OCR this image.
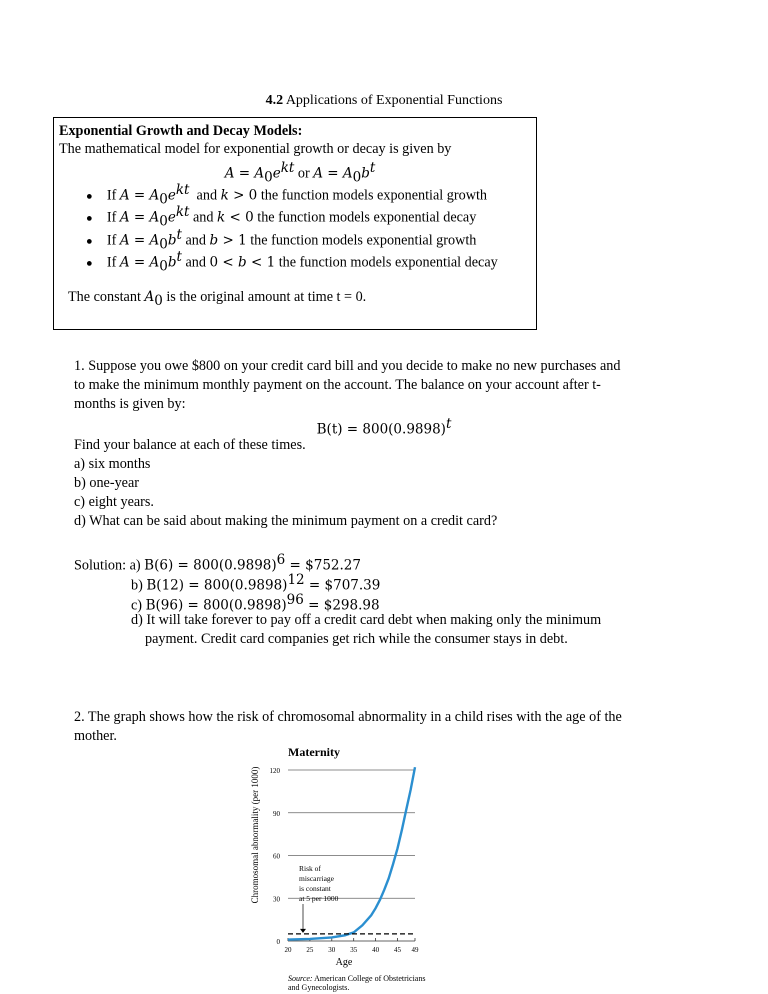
4.2 Applications of Exponential Functions
Exponential Growth and Decay Models:
The mathematical model for exponential growth or decay is given by
$A = A_0e^{kt}$ or $A = A_0b^t$
● If $A = A_0e^{kt}$ and k > 0 the function models exponential growth
● If $A = A_0e^{kt}$ and k < 0 the function models exponential decay
● If $A = A_0b^t$ and b > 1 the function models exponential growth
● If $A = A_0b^t$ and 0 < b < 1 the function models exponential decay
The constant $A_0$ is the original amount at time t = 0.
1. Suppose you owe $800 on your credit card bill and you decide to make no new purchases and
to make the minimum monthly payment on the account. The balance on your account after t-
months is given by:
$B(t) = 800(0.9898)^t$
Find your balance at each of these times.
a) six months
b) one-year
c) eight years.
d) What can be said about making the minimum payment on a credit card?
Solution: a) $B(6) = 800(0.9898)^6$ = $752.27
b) $B(12) = 800(0.9898)^{12}$ = $707.39
c) $B(96) = 800(0.9898)^{96}$ = $298.98
d) It will take forever to pay off a credit card debt when making only the minimum
payment. Credit card companies get rich while the consumer stays in debt.
2. The graph shows how the risk of chromosomal abnormality in a child rises with the age of the
mother.
Maternity
Chromosomal abnormality (per 1000)
0
30
60
90
120
20 25 30 35 40 45 49
Risk of
miscarriage
is constant
at 5 per 1000
Age
Source: American College of Obstetricians
and Gynecologists.
